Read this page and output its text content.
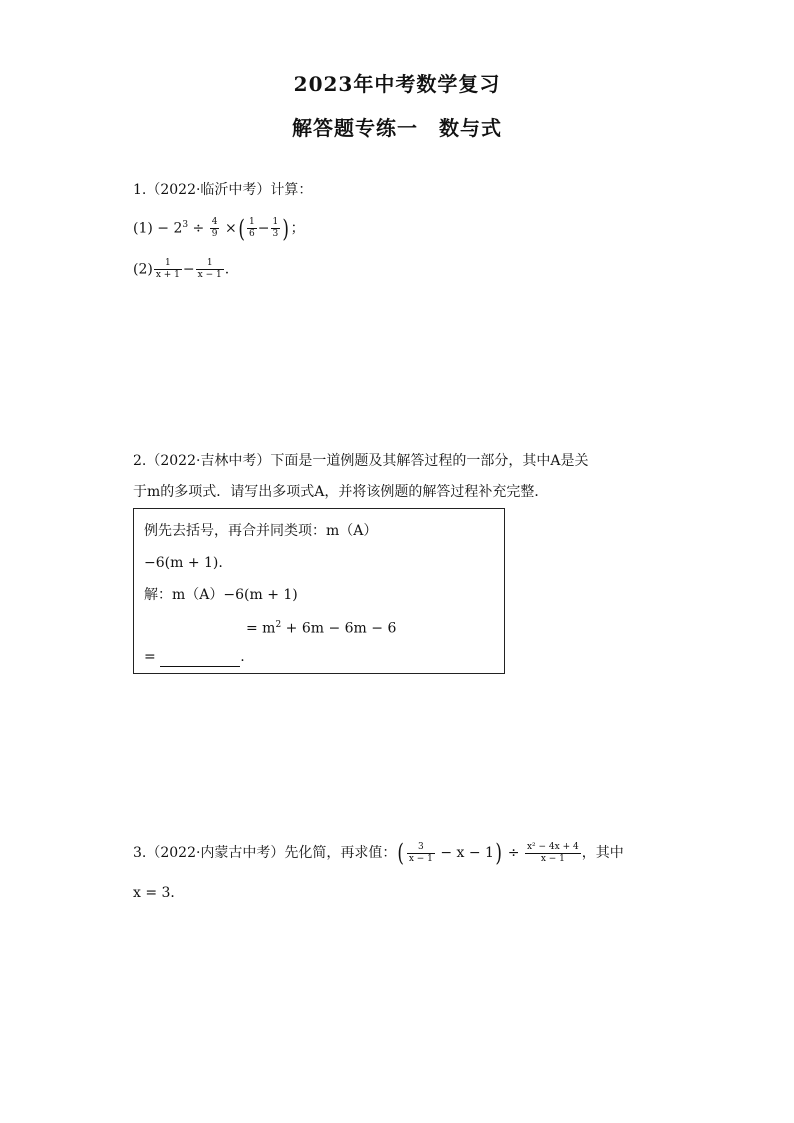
2023年中考数学复习
解答题专练一　数与式
1.（2022·临沂中考）计算：
$(1) - 2^3 \div \frac{4}{9}$ ×( $\frac{1}{6} - \frac{1}{3}$ )；
$(2) \frac{1}{x + 1} - \frac{1}{x - 1}$ .
2.（2022·吉林中考）下面是一道例题及其解答过程的一部分，其中A是关
于m的多项式．请写出多项式A，并将该例题的解答过程补充完整．
例先去括号，再合并同类项：m（A）
−6(m + 1).
解：m（A）−6(m + 1)
= $m^2 + 6m - 6m - 6$
=	.
3.（2022·内蒙古中考）先化简，再求值：( $\frac{3}{x - 1} - x - 1) \div \frac{\text{x² − 4x + 4}}{x - 1}$ ，其中
x = 3．
